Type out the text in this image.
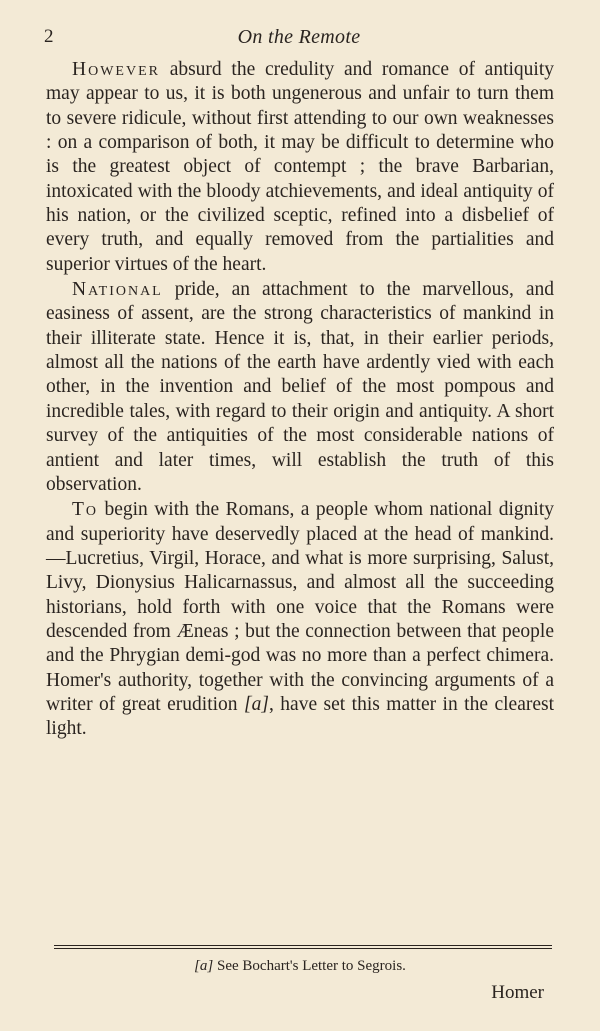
2	On the Remote

However absurd the credulity and romance of antiquity may appear to us, it is both ungenerous and unfair to turn them to severe ridicule, without first attending to our own weaknesses : on a comparison of both, it may be difficult to determine who is the greatest object of contempt ; the brave Barbarian, intoxicated with the bloody atchievements, and ideal antiquity of his nation, or the civilized sceptic, refined into a disbelief of every truth, and equally removed from the partialities and superior virtues of the heart.

National pride, an attachment to the marvellous, and easiness of assent, are the strong characteristics of mankind in their illiterate state. Hence it is, that, in their earlier periods, almost all the nations of the earth have ardently vied with each other, in the invention and belief of the most pompous and incredible tales, with regard to their origin and antiquity. A short survey of the antiquities of the most considerable nations of antient and later times, will establish the truth of this observation.

To begin with the Romans, a people whom national dignity and superiority have deservedly placed at the head of mankind.—Lucretius, Virgil, Horace, and what is more surprising, Salust, Livy, Dionysius Halicarnassus, and almost all the succeeding historians, hold forth with one voice that the Romans were descended from Æneas ; but the connection between that people and the Phrygian demi-god was no more than a perfect chimera. Homer's authority, together with the convincing arguments of a writer of great erudition [a], have set this matter in the clearest light.

[a] See Bochart's Letter to Segrois.
Homer
